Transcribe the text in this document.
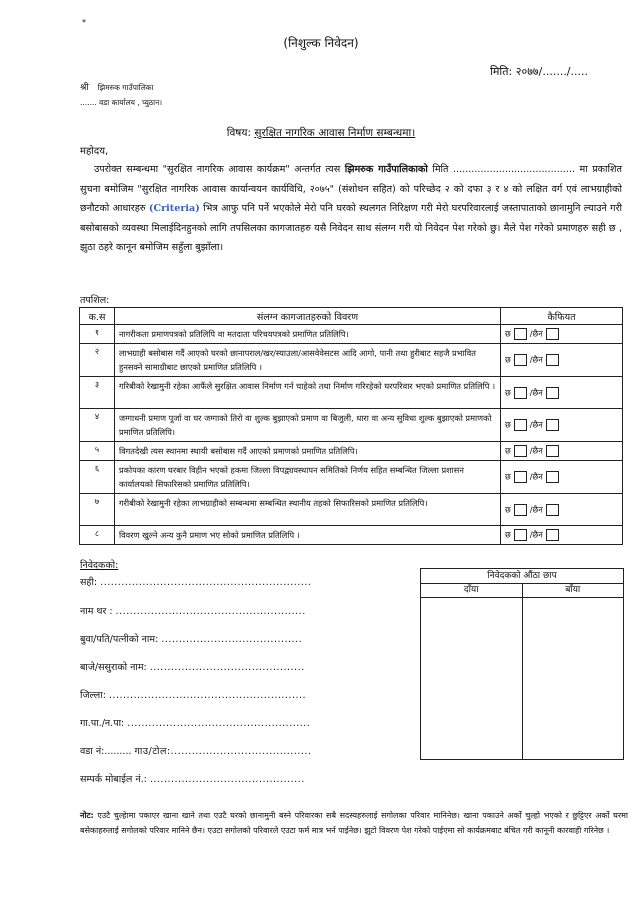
*
(निशुल्क निवेदन)
मिति: २०७७/......./.....
श्री झिमरुक गाउँपालिका
....... वडा कार्यालय , प्युठान।
विषय: सुरक्षित नागरिक आवास निर्माण सम्बन्धमा।
महोदय,
उपरोक्त सम्बन्धमा "सुरक्षित नागरिक आवास कार्यक्रम" अन्तर्गत त्यस झिमरुक गाउँपालिकाको मिति ........................................ मा प्रकाशित सुचना बमोजिम "सुरक्षित नागरिक आवास कार्यान्वयन कार्यविधि, २०७५" (संशोधन सहित) को परिच्छेद २ को दफा ३ र ४ को लक्षित वर्ग एवं लाभग्राहीको छनौटको आधारहरु (Criteria) भित्र आफु पनि पर्ने भएकोले मेरो पनि घरको स्थलगत निरिक्षण गरी मेरो घरपरिवारलाई जस्तापाताको छानामुनि ल्याउने गरी बसोबासको व्यवस्था मिलाईदिनहुनको लागि तपसिलका कागजातहरु यसै निवेदन साथ संलग्न गरी यो निवेदन पेश गरेको छु। मैले पेश गरेको प्रमाणहरु सही छ , झुठा ठहरे कानून बमोजिम सहुँला बुझाँला।
तपशिल:
क.स	संलग्न कागजातहरुको विवरण	कैफियत
१	नागरीकता प्रमाणपत्रको प्रतिलिपि वा मतदाता परिचयपत्रको प्रमाणित प्रतिलिपि।	छ /छैन
२	लाभग्राही बसोबास गर्दै आएको घरको छानापराल/खर/स्याउला/आसवेवेसटस आदि आगो, पानी तथा हुरीबाट सहजै प्रभावित हुनसक्ने सामाग्रीबाट छाएको प्रमाणित प्रतिलिपि ।	छ /छैन
३	गरिबीको रेखामुनी रहेका आफैंले सुरक्षित आवास निर्माण गर्न चाहेको तथा निर्माण गरिरहेको घरपरिवार भएको प्रमाणित प्रतिलिपि ।	छ /छैन
४	जग्गाधनी प्रमाण पूर्जा वा घर जग्गाको तिरो वा शुल्क बुझाएको प्रमाण वा बिजुली, धारा वा अन्य सुविधा शुल्क बुझाएको प्रमाणको प्रमाणित प्रतिलिपि।	छ /छैन
५	विगतदेखी त्यस स्थानमा स्थायी बसोबास गर्दै आएको प्रमाणको प्रमाणित प्रतिलिपि।	छ /छैन
६	प्रकोपका कारण घरबार विहीन भएको हकमा जिल्ला विपद्व्यवस्थापन समितिको निर्णय सहित सम्बन्धित जिल्ला प्रशासन कार्यालयको सिफारिसको प्रमाणित प्रतिलिपि।	छ /छैन
७	गरीबीको रेखामुनी रहेका लाभग्राहीको सम्बन्धमा सम्बन्धित स्थानीय तहको सिफारिसको प्रमाणित प्रतिलिपि।	छ /छैन
८	विवरण खुल्ने अन्य कुनै प्रमाण भए सोको प्रमाणित प्रतिलिपि ।	छ /छैन
निवेदककाे:
सही: ............................................................
नाम थर : ......................................................
बुवा/पति/पत्नीको नाम: ........................................
बाजे/ससुराको नाम: ............................................
जिल्ला: ........................................................
गा.पा./न.पा: ....................................................
वडा नं:......... गाउ/टोल:........................................
सम्पर्क मोबाईल नं.: ............................................
निवेदककाे औंठा छाप
दाँया	बाँया
नोट: एउटै चुल्हेामा पकाएर खाना खाने तथा एउटै घरको छानामुनी बस्ने परिवारका सबै सदस्यहरुलाई सगोलका परिवार मानिनेछ। खाना पकाउने अर्को चुल्हो भएको र छुट्टिएर अर्को घरमा बसेकाहरुलाई सगोलको परिवार मानिने छैन। एउटा सगोलको परिवारले एउटा फर्म मात्र भर्न पाईनेछ। झुटो विवरण पेश गरेको पाईएमा सो कार्यक्रमबाट बंचित गरी कानूनी कारवाही गरिनेछ ।
